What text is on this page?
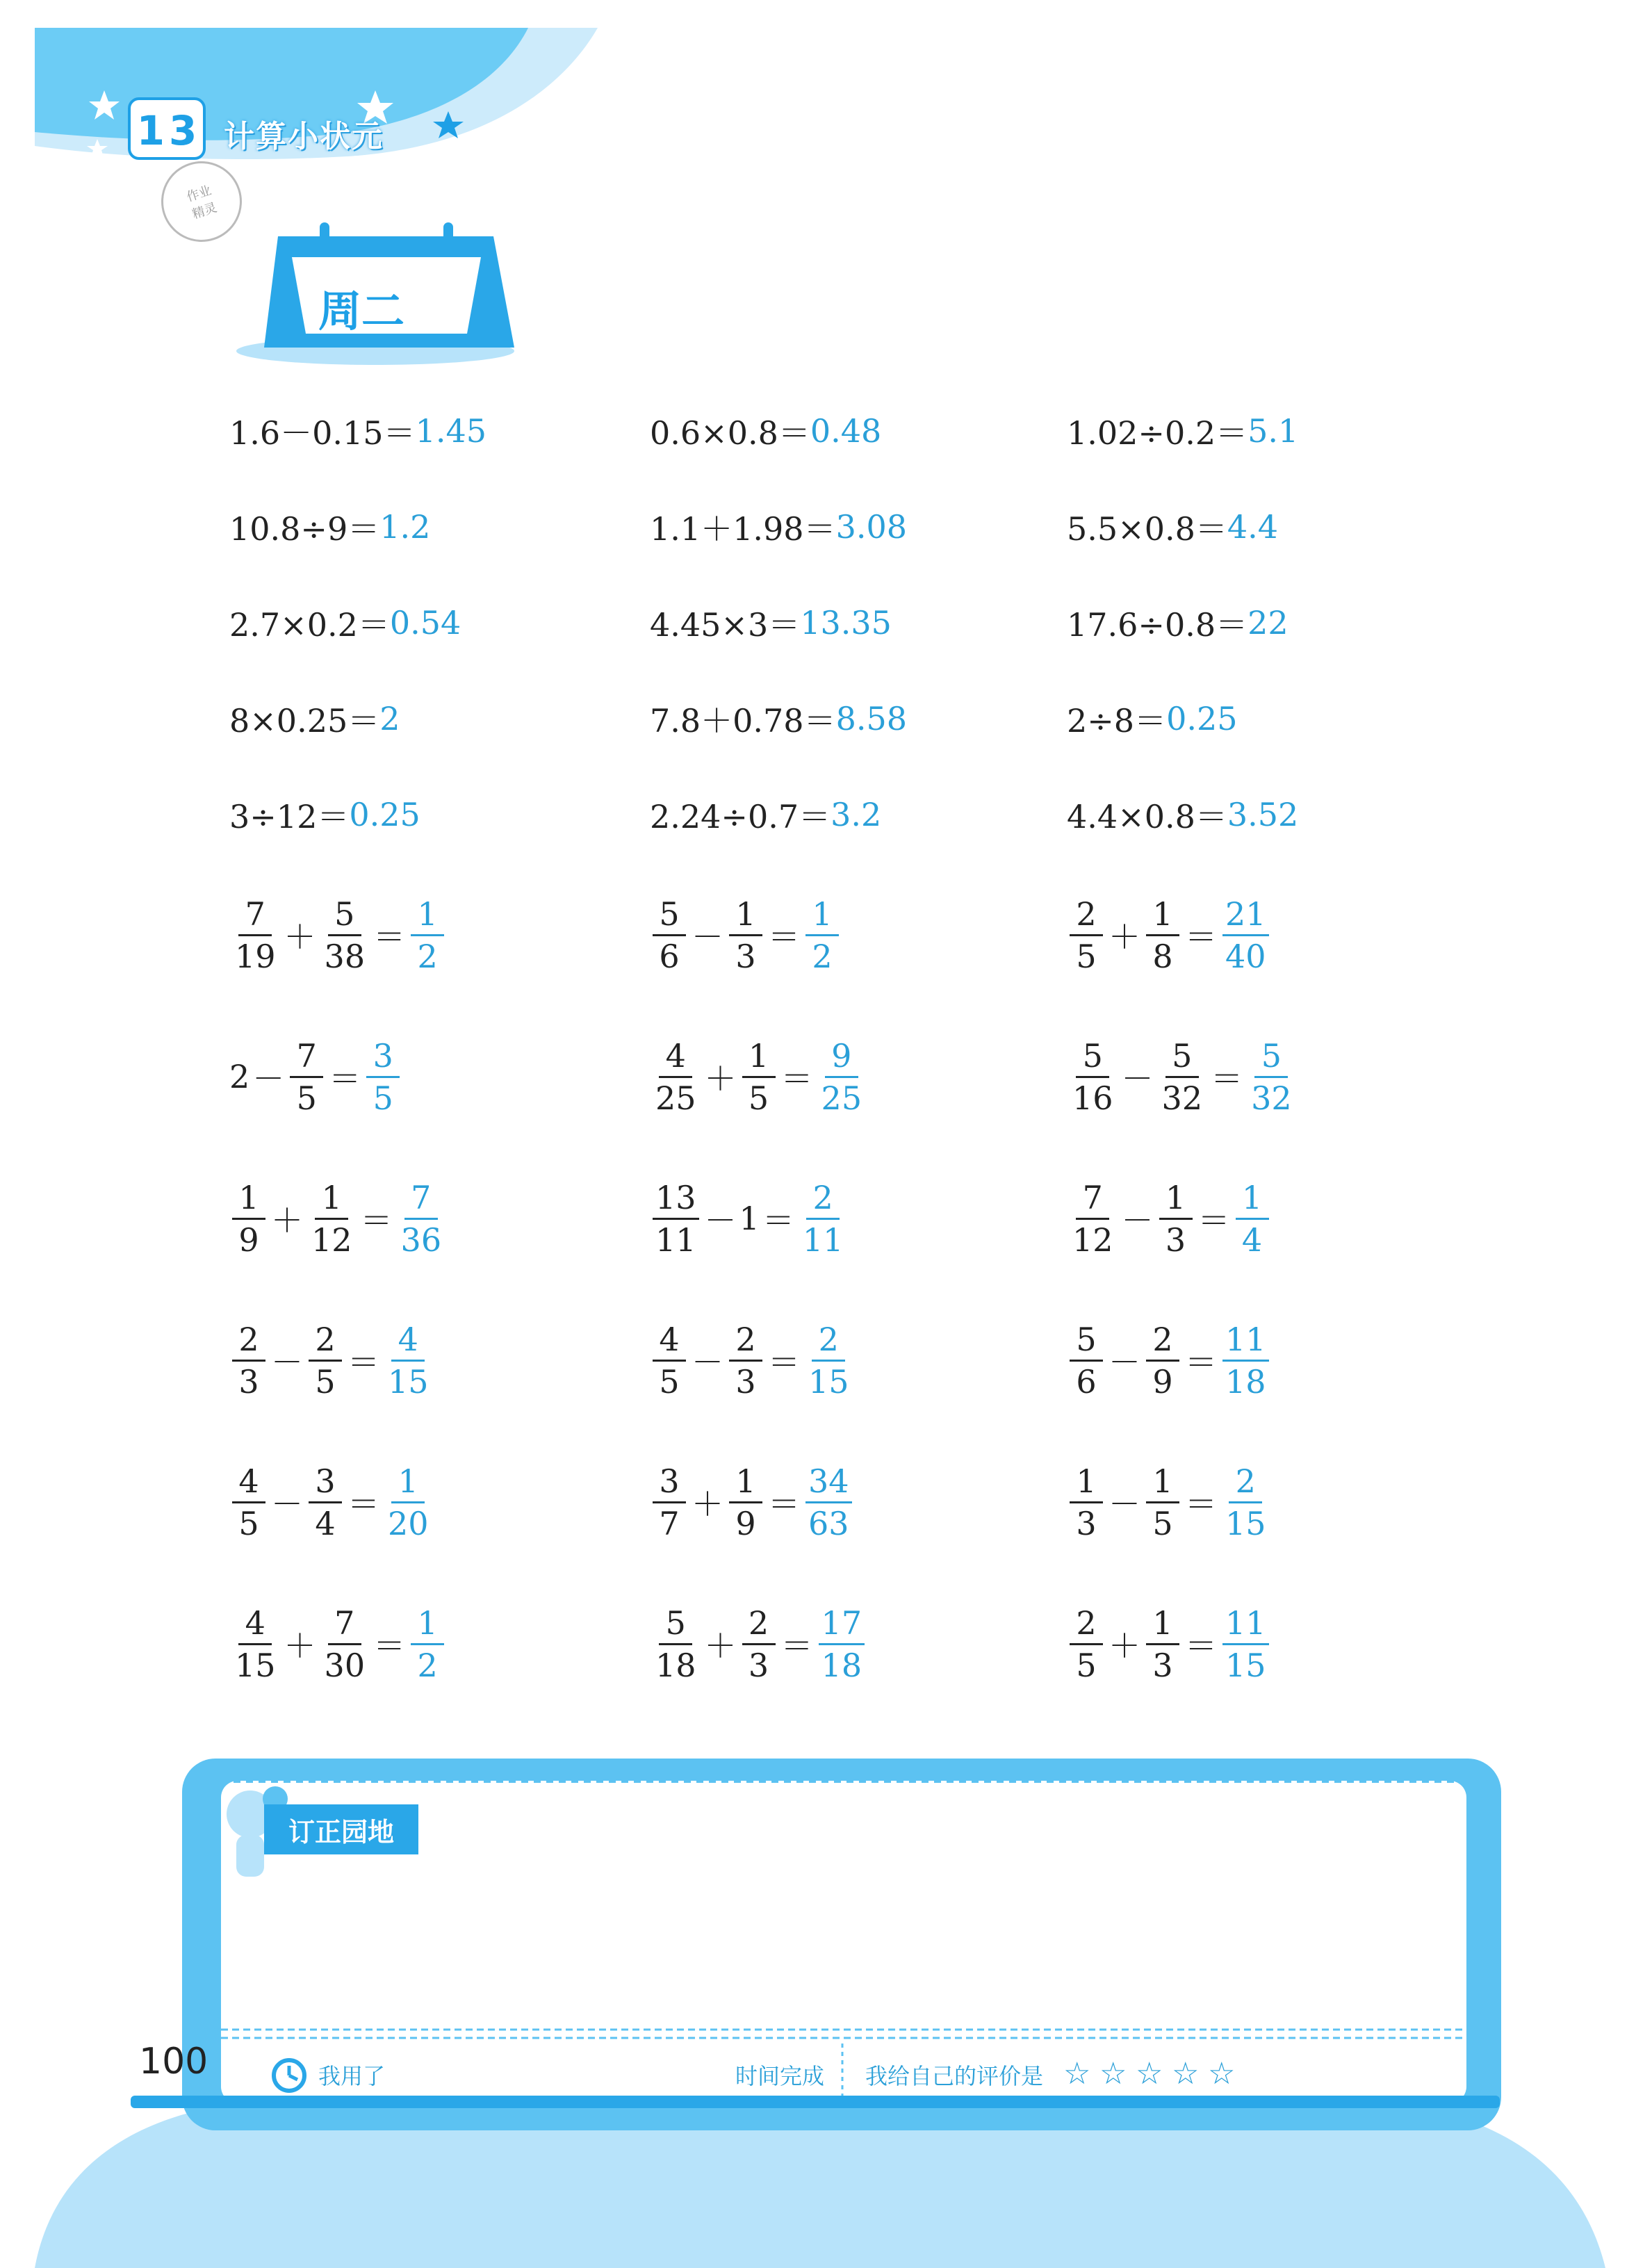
1 3 计算小状元
作业
精灵
周二
1.6－0.15＝ 1.45	0.6×0.8＝ 0.48	1.02÷0.2＝ 5.1
10.8÷9＝ 1.2	1.1＋1.98＝ 3.08	5.5×0.8＝ 4.4
2.7×0.2＝ 0.54	4.45×3＝ 13.35	17.6÷0.8＝ 22
8×0.25＝ 2	7.8＋0.78＝ 8.58	2÷8＝ 0.25
3÷12＝ 0.25	2.24÷0.7＝ 3.2	4.4×0.8＝ 3.52
$\frac{7}{19} + \frac{5}{38} = \frac{1}{2}$	$\frac{5}{6} - \frac{1}{3} = \frac{1}{2}$	$\frac{2}{5} + \frac{1}{8} = \frac{21}{40}$
$2 - \frac{7}{5} = \frac{3}{5}$	$\frac{4}{25} + \frac{1}{5} = \frac{9}{25}$	$\frac{5}{16} - \frac{5}{32} = \frac{5}{32}$
$\frac{1}{9} + \frac{1}{12} = \frac{7}{36}$	$\frac{13}{11} - 1 = \frac{2}{11}$	$\frac{7}{12} - \frac{1}{3} = \frac{1}{4}$
$\frac{2}{3} - \frac{2}{5} = \frac{4}{15}$	$\frac{4}{5} - \frac{2}{3} = \frac{2}{15}$	$\frac{5}{6} - \frac{2}{9} = \frac{11}{18}$
$\frac{4}{5} - \frac{3}{4} = \frac{1}{20}$	$\frac{3}{7} + \frac{1}{9} = \frac{34}{63}$	$\frac{1}{3} - \frac{1}{5} = \frac{2}{15}$
$\frac{4}{15} + \frac{7}{30} = \frac{1}{2}$	$\frac{5}{18} + \frac{2}{3} = \frac{17}{18}$	$\frac{2}{5} + \frac{1}{3} = \frac{11}{15}$
订正园地
100	我用了	时间完成 我给自己的评价是 ☆ ☆ ☆ ☆ ☆
